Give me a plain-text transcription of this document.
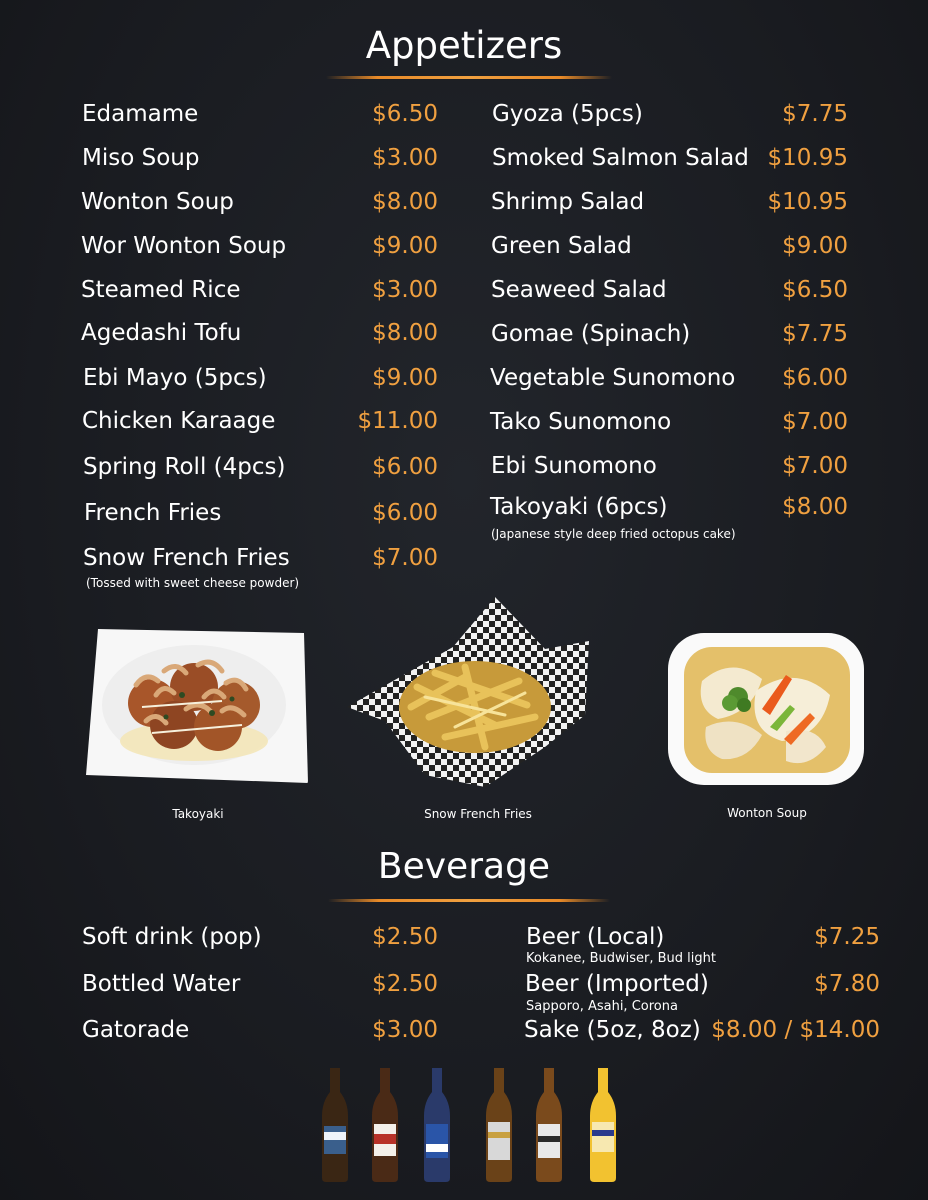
Appetizers
Edamame	$6.50
Miso Soup	$3.00
Wonton Soup	$8.00
Wor Wonton Soup	$9.00
Steamed Rice	$3.00
Agedashi Tofu	$8.00
Ebi Mayo (5pcs)	$9.00
Chicken Karaage	$11.00
Spring Roll (4pcs)	$6.00
French Fries	$6.00
Snow French Fries	$7.00
(Tossed with sweet cheese powder)
Gyoza (5pcs)	$7.75
Smoked Salmon Salad $10.95
Shrimp Salad	$10.95
Green Salad	$9.00
Seaweed Salad	$6.50
Gomae (Spinach)	$7.75
Vegetable Sunomono	$6.00
Tako Sunomono	$7.00
Ebi Sunomono	$7.00
Takoyaki (6pcs)	$8.00
(Japanese style deep fried octopus cake)
Takoyaki	Snow French Fries	Wonton Soup
Beverage
Soft drink (pop)	$2.50
Bottled Water	$2.50
Gatorade	$3.00
Beer (Local)	$7.25
Kokanee, Budwiser, Bud light
Beer (Imported)	$7.80
Sapporo, Asahi, Corona
Sake (5oz, 8oz) $8.00 / $14.00
